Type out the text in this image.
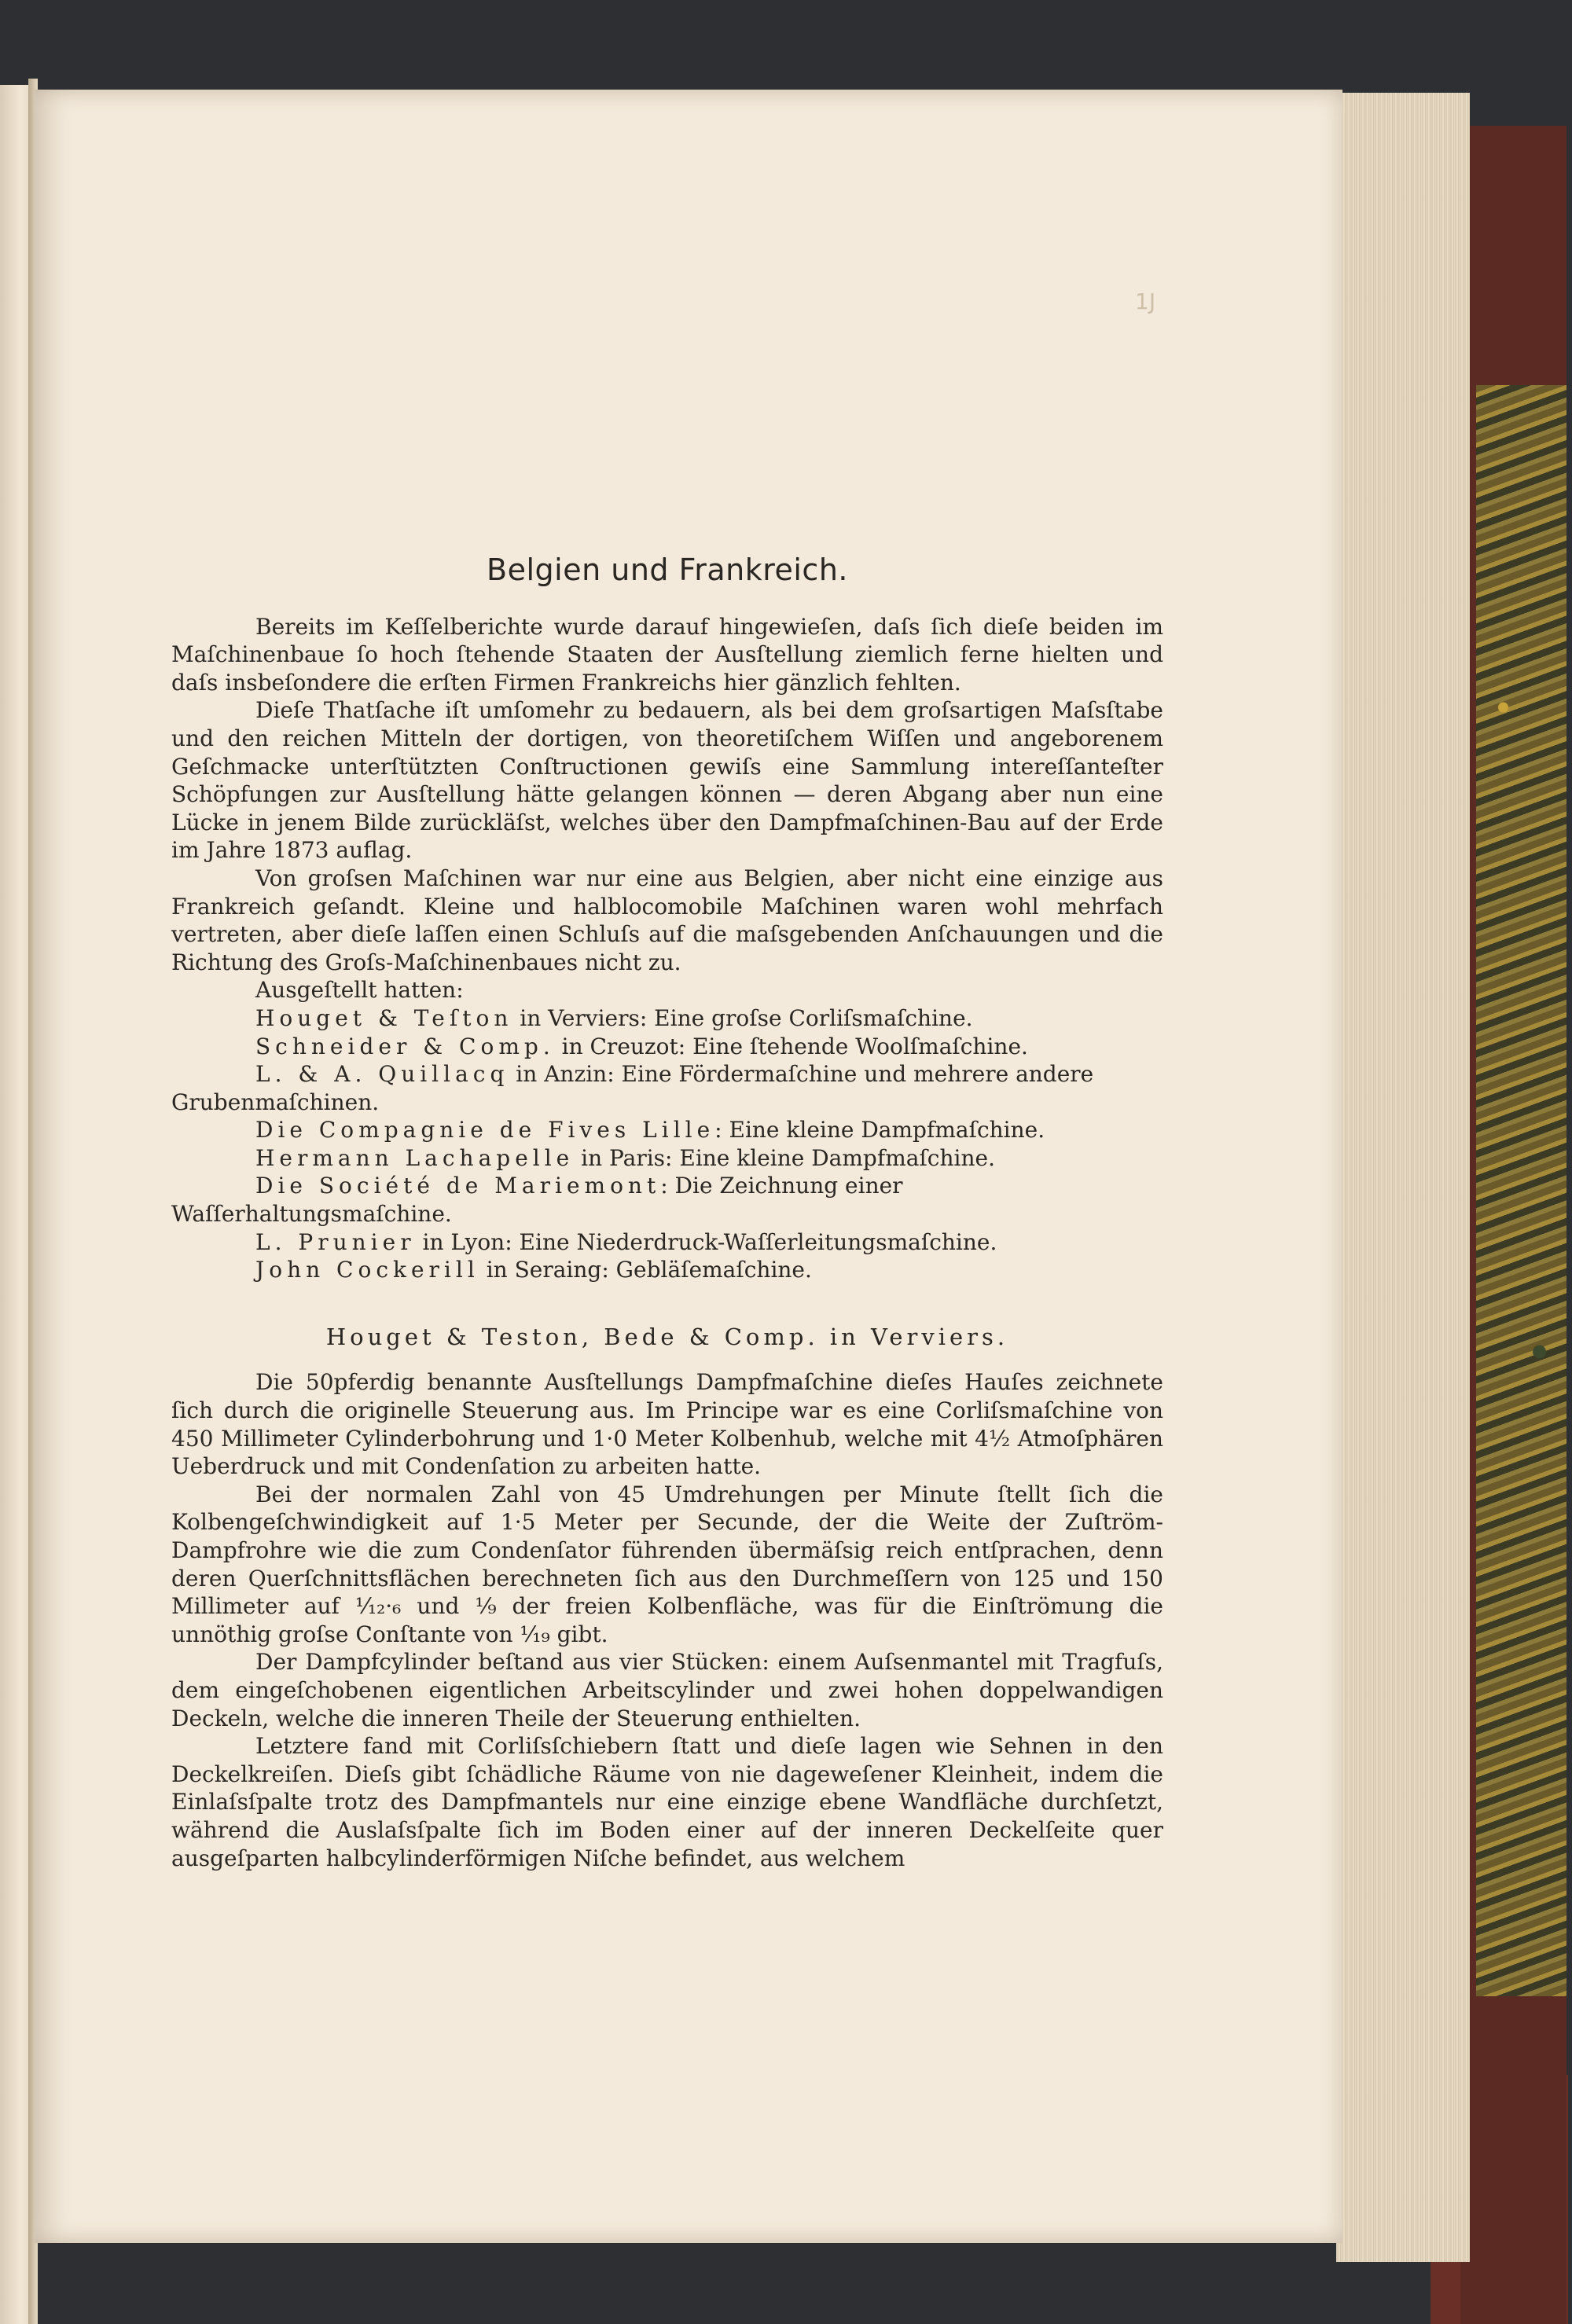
1J
Belgien und Frankreich.

Bereits im Keſſelberichte wurde darauf hingewieſen, daſs ſich dieſe beiden im Maſchinenbaue ſo hoch ſtehende Staaten der Ausſtellung ziemlich ferne hielten und daſs insbeſondere die erſten Firmen Frankreichs hier gänzlich fehlten.

Dieſe Thatſache iſt umſomehr zu bedauern, als bei dem groſsartigen Maſsſtabe und den reichen Mitteln der dortigen, von theoretiſchem Wiſſen und angeborenem Geſchmacke unterſtützten Conſtructionen gewiſs eine Sammlung intereſſanteſter Schöpfungen zur Ausſtellung hätte gelangen können — deren Abgang aber nun eine Lücke in jenem Bilde zurückläſst, welches über den Dampfmaſchinen-Bau auf der Erde im Jahre 1873 auflag.

Von groſsen Maſchinen war nur eine aus Belgien, aber nicht eine einzige aus Frankreich geſandt. Kleine und halblocomobile Maſchinen waren wohl mehrfach vertreten, aber dieſe laſſen einen Schluſs auf die maſsgebenden Anſchauungen und die Richtung des Groſs-Maſchinenbaues nicht zu.

Ausgeſtellt hatten:

Houget & Teſton in Verviers: Eine groſse Corliſsmaſchine.

Schneider & Comp. in Creuzot: Eine ſtehende Woolſmaſchine.

L. & A. Quillacq in Anzin: Eine Fördermaſchine und mehrere andere Grubenmaſchinen.

Die Compagnie de Fives Lille: Eine kleine Dampfmaſchine.

Hermann Lachapelle in Paris: Eine kleine Dampfmaſchine.

Die Société de Mariemont: Die Zeichnung einer Waſſerhaltungsmaſchine.

L. Prunier in Lyon: Eine Niederdruck-Waſſerleitungsmaſchine.

John Cockerill in Seraing: Gebläſemaſchine.

Houget & Teston, Bede & Comp. in Verviers.

Die 50pferdig benannte Ausſtellungs Dampfmaſchine dieſes Hauſes zeichnete ſich durch die originelle Steuerung aus. Im Principe war es eine Corliſsmaſchine von 450 Millimeter Cylinderbohrung und 1·0 Meter Kolbenhub, welche mit 4½ Atmoſphären Ueberdruck und mit Condenſation zu arbeiten hatte.

Bei der normalen Zahl von 45 Umdrehungen per Minute ſtellt ſich die Kolbengeſchwindigkeit auf 1·5 Meter per Secunde, der die Weite der Zuſtröm-Dampfrohre wie die zum Condenſator führenden übermäſsig reich entſprachen, denn deren Querſchnittsflächen berechneten ſich aus den Durchmeſſern von 125 und 150 Millimeter auf ¹⁄₁₂·₆ und ¹⁄₉ der freien Kolbenfläche, was für die Einſtrömung die unnöthig groſse Conſtante von ¹⁄₁₉ gibt.

Der Dampfcylinder beſtand aus vier Stücken: einem Auſsenmantel mit Tragfuſs, dem eingeſchobenen eigentlichen Arbeitscylinder und zwei hohen doppelwandigen Deckeln, welche die inneren Theile der Steuerung enthielten.

Letztere fand mit Corliſsſchiebern ſtatt und dieſe lagen wie Sehnen in den Deckelkreiſen. Dieſs gibt ſchädliche Räume von nie dageweſener Kleinheit, indem die Einlaſsſpalte trotz des Dampfmantels nur eine einzige ebene Wandfläche durchſetzt, während die Auslaſsſpalte ſich im Boden einer auf der inneren Deckelſeite quer ausgeſparten halbcylinderförmigen Niſche befindet, aus welchem
